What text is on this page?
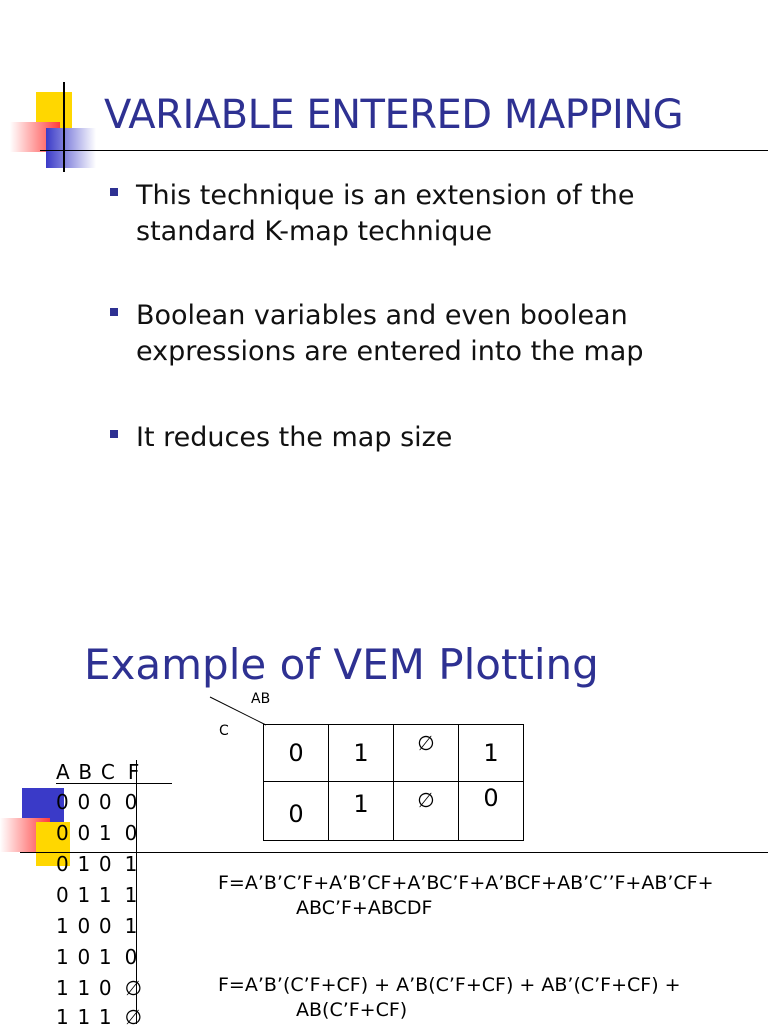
VARIABLE ENTERED MAPPING
This technique is an extension of the
standard K-map technique
Boolean variables and even boolean
expressions are entered into the map
It reduces the map size
Example of VEM Plotting
AB
C
0	1	∅	1
0	1	∅	0
A  B  C   F
0  0  0   0
0  0  1   0
0  1  0   1
0  1  1   1
1  0  0   1
1  0  1   0
1  1  0   ∅
1  1  1   ∅
F=A’B’C’F+A’B’CF+A’BC’F+A’BCF+AB’C’’F+AB’CF+
ABC’F+ABCDF
F=A’B’(C’F+CF) + A’B(C’F+CF) + AB’(C’F+CF) +
AB(C’F+CF)
